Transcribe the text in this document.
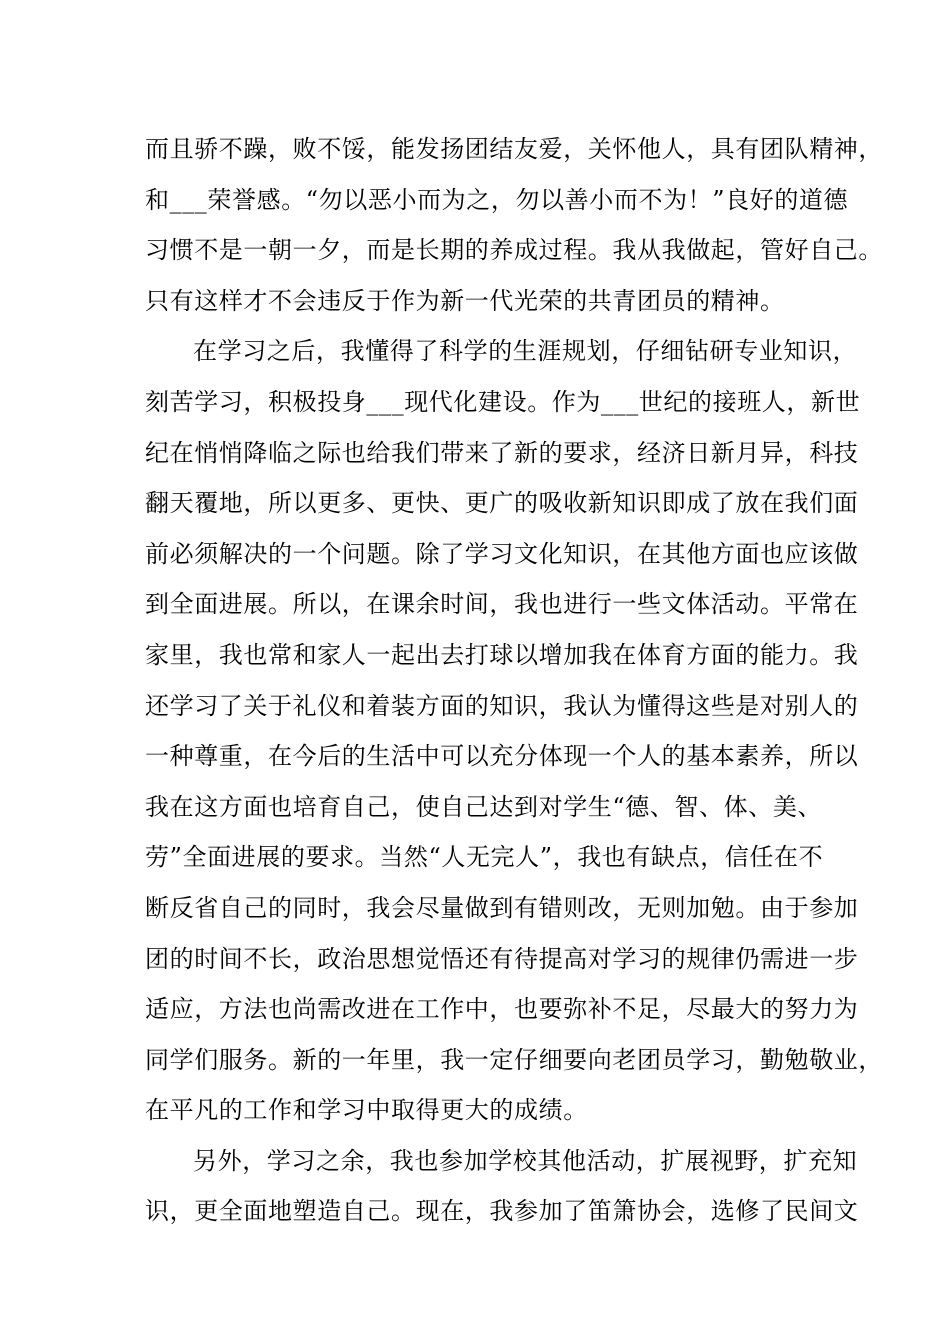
而且骄不躁，败不馁，能发扬团结友爱，关怀他人，具有团队精神，
和___荣誉感。“勿以恶小而为之，勿以善小而不为！”良好的道德
习惯不是一朝一夕，而是长期的养成过程。我从我做起，管好自己。
只有这样才不会违反于作为新一代光荣的共青团员的精神。
在学习之后，我懂得了科学的生涯规划，仔细钻研专业知识，
刻苦学习，积极投身___现代化建设。作为___世纪的接班人，新世
纪在悄悄降临之际也给我们带来了新的要求，经济日新月异，科技
翻天覆地，所以更多、更快、更广的吸收新知识即成了放在我们面
前必须解决的一个问题。除了学习文化知识，在其他方面也应该做
到全面进展。所以，在课余时间，我也进行一些文体活动。平常在
家里，我也常和家人一起出去打球以增加我在体育方面的能力。我
还学习了关于礼仪和着装方面的知识，我认为懂得这些是对别人的
一种尊重，在今后的生活中可以充分体现一个人的基本素养，所以
我在这方面也培育自己，使自己达到对学生“德、智、体、美、
劳”全面进展的要求。当然“人无完人”，我也有缺点，信任在不
断反省自己的同时，我会尽量做到有错则改，无则加勉。由于参加
团的时间不长，政治思想觉悟还有待提高对学习的规律仍需进一步
适应，方法也尚需改进在工作中，也要弥补不足，尽最大的努力为
同学们服务。新的一年里，我一定仔细要向老团员学习，勤勉敬业，
在平凡的工作和学习中取得更大的成绩。
另外，学习之余，我也参加学校其他活动，扩展视野，扩充知
识，更全面地塑造自己。现在，我参加了笛箫协会，选修了民间文
